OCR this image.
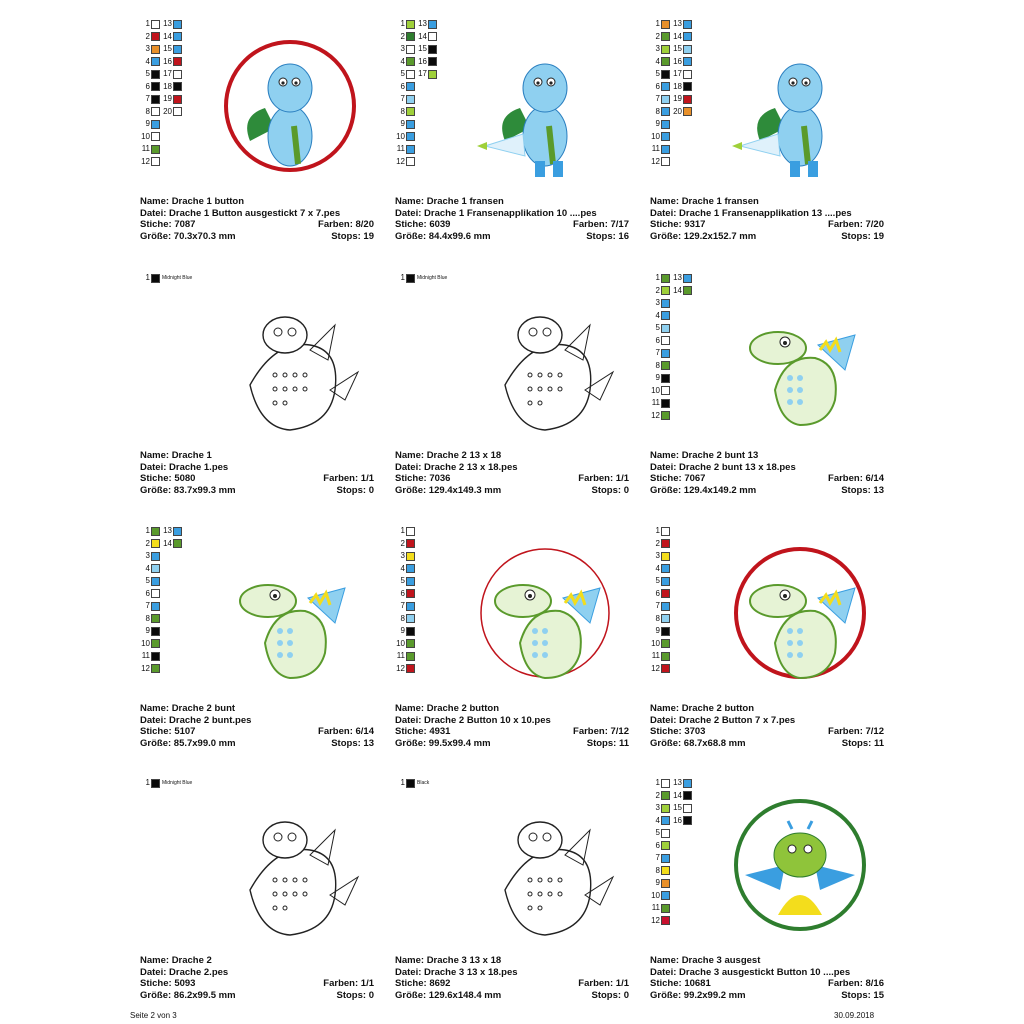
1
2
3
4
5
6
7
8
9
10
11
12
13
14
15
16
17
18
19
20
Name: Drache 1 button
Datei: Drache 1 Button ausgestickt 7 x 7.pes
Stiche: 7087	Farben: 8/20
Größe: 70.3x70.3 mm	Stops: 19
1
2
3
4
5
6
7
8
9
10
11
12
13
14
15
16
17
Name: Drache 1 fransen
Datei: Drache 1 Fransenapplikation 10 ....pes
Stiche: 6039	Farben: 7/17
Größe: 84.4x99.6 mm	Stops: 16
1
2
3
4
5
6
7
8
9
10
11
12
13
14
15
16
17
18
19
20
Name: Drache 1 fransen
Datei: Drache 1 Fransenapplikation 13 ....pes
Stiche: 9317	Farben: 7/20
Größe: 129.2x152.7 mm	Stops: 19
1 Midnight Blue
Name: Drache 1
Datei: Drache 1.pes
Stiche: 5080	Farben: 1/1
Größe: 83.7x99.3 mm	Stops: 0
1 Midnight Blue
Name: Drache 2 13 x 18
Datei: Drache 2 13 x 18.pes
Stiche: 7036	Farben: 1/1
Größe: 129.4x149.3 mm	Stops: 0
1
2
3
4
5
6
7
8
9
10
11
12
13
14
Name: Drache 2 bunt 13
Datei: Drache 2 bunt 13 x 18.pes
Stiche: 7067	Farben: 6/14
Größe: 129.4x149.2 mm	Stops: 13
1
2
3
4
5
6
7
8
9
10
11
12
13
14
Name: Drache 2 bunt
Datei: Drache 2 bunt.pes
Stiche: 5107	Farben: 6/14
Größe: 85.7x99.0 mm	Stops: 13
1
2
3
4
5
6
7
8
9
10
11
12
Name: Drache 2 button
Datei: Drache 2 Button 10 x 10.pes
Stiche: 4931	Farben: 7/12
Größe: 99.5x99.4 mm	Stops: 11
1
2
3
4
5
6
7
8
9
10
11
12
Name: Drache 2 button
Datei: Drache 2 Button 7 x 7.pes
Stiche: 3703	Farben: 7/12
Größe: 68.7x68.8 mm	Stops: 11
1 Midnight Blue
Name: Drache 2
Datei: Drache 2.pes
Stiche: 5093	Farben: 1/1
Größe: 86.2x99.5 mm	Stops: 0
1 Black
Name: Drache 3 13 x 18
Datei: Drache 3 13 x 18.pes
Stiche: 8692	Farben: 1/1
Größe: 129.6x148.4 mm	Stops: 0
1
2
3
4
5
6
7
8
9
10
11
12
13
14
15
16
Name: Drache 3 ausgest
Datei: Drache 3 ausgestickt Button 10 ....pes
Stiche: 10681	Farben: 8/16
Größe: 99.2x99.2 mm	Stops: 15
Seite 2 von 3	30.09.2018
